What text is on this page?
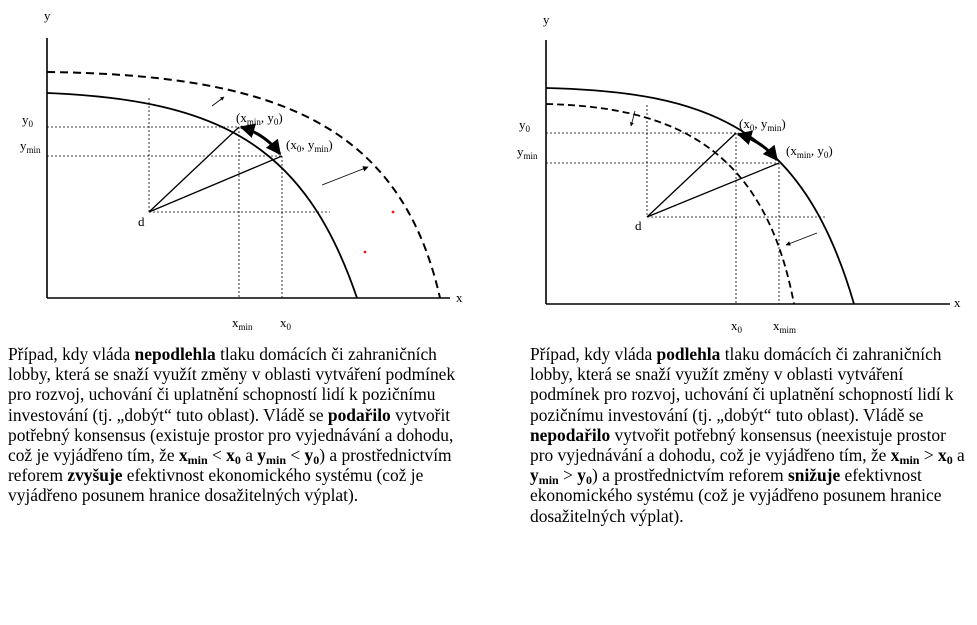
y
x
$y_0$
$y_{min}$
$x_{min}$ $x_0$
($x_{min}$, $y_0$)
($x_0$, $y_{min}$)
d
y
x
$y_0$
$y_{min}$
$x_0$ $x_{mim}$
($x_0$, $y_{min}$)
($x_{min}$, $y_0$)
d

Případ, kdy vláda nepodlehla tlaku domácích či zahraničních lobby, která se snaží využít změny v oblasti vytváření podmínek pro rozvoj, uchování či uplatnění schopností lidí k pozičnímu investování (tj. „dobýt“ tuto oblast). Vládě se podařilo vytvořit potřebný konsensus (existuje prostor pro vyjednávání a dohodu, což je vyjádřeno tím, že $x_{min} < x_0$ a $y_{min} < y_0$) a prostřednictvím reforem zvyšuje efektivnost ekonomického systému (což je vyjádřeno posunem hranice dosažitelných výplat).

Případ, kdy vláda podlehla tlaku domácích či zahraničních lobby, která se snaží využít změny v oblasti vytváření podmínek pro rozvoj, uchování či uplatnění schopností lidí k pozičnímu investování (tj. „dobýt“ tuto oblast). Vládě se nepodařilo vytvořit potřebný konsensus (neexistuje prostor pro vyjednávání a dohodu, což je vyjádřeno tím, že $x_{min} > x_0$ a $y_{min} > y_0$) a prostřednictvím reforem snižuje efektivnost ekonomického systému (což je vyjádřeno posunem hranice dosažitelných výplat).
